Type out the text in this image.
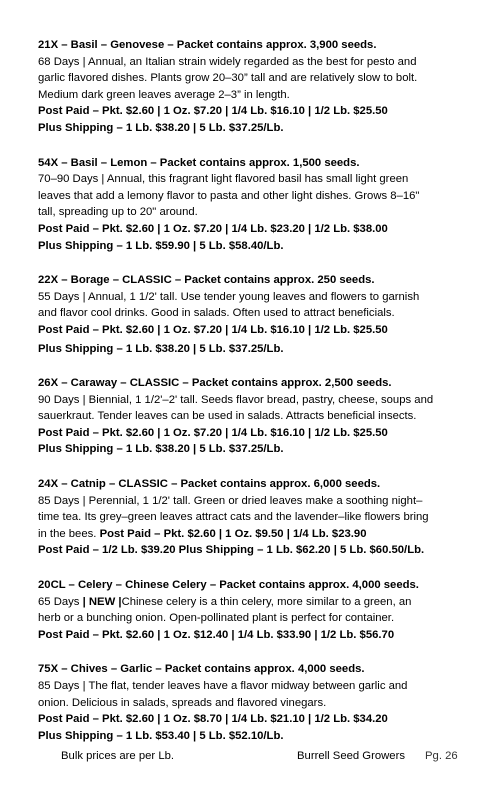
21X – Basil – Genovese – Packet contains approx. 3,900 seeds.
68 Days | Annual, an Italian strain widely regarded as the best for pesto and
garlic flavored dishes. Plants grow 20–30” tall and are relatively slow to bolt.
Medium dark green leaves average 2–3” in length.
Post Paid – Pkt. $2.60 | 1 Oz. $7.20 | 1/4 Lb. $16.10 | 1/2 Lb. $25.50
Plus Shipping – 1 Lb. $38.20 | 5 Lb. $37.25/Lb.
54X – Basil – Lemon – Packet contains approx. 1,500 seeds.
70–90 Days | Annual, this fragrant light flavored basil has small light green
leaves that add a lemony flavor to pasta and other light dishes. Grows 8–16"
tall, spreading up to 20" around.
Post Paid – Pkt. $2.60 | 1 Oz. $7.20 | 1/4 Lb. $23.20 | 1/2 Lb. $38.00
Plus Shipping – 1 Lb. $59.90 | 5 Lb. $58.40/Lb.
22X – Borage – CLASSIC – Packet contains approx. 250 seeds.
55 Days | Annual, 1 1/2' tall. Use tender young leaves and flowers to garnish
and flavor cool drinks. Good in salads. Often used to attract beneficials.
Post Paid – Pkt. $2.60 | 1 Oz. $7.20 | 1/4 Lb. $16.10 | 1/2 Lb. $25.50
Plus Shipping – 1 Lb. $38.20 | 5 Lb. $37.25/Lb.
26X – Caraway – CLASSIC – Packet contains approx. 2,500 seeds.
90 Days | Biennial, 1 1/2'–2' tall. Seeds flavor bread, pastry, cheese, soups and
sauerkraut. Tender leaves can be used in salads. Attracts beneficial insects.
Post Paid – Pkt. $2.60 | 1 Oz. $7.20 | 1/4 Lb. $16.10 | 1/2 Lb. $25.50
Plus Shipping – 1 Lb. $38.20 | 5 Lb. $37.25/Lb.
24X – Catnip – CLASSIC – Packet contains approx. 6,000 seeds.
85 Days | Perennial, 1 1/2' tall. Green or dried leaves make a soothing night–
time tea. Its grey–green leaves attract cats and the lavender–like flowers bring
in the bees. Post Paid – Pkt. $2.60 | 1 Oz. $9.50 | 1/4 Lb. $23.90
Post Paid – 1/2 Lb. $39.20 Plus Shipping – 1 Lb. $62.20 | 5 Lb. $60.50/Lb.
20CL – Celery – Chinese Celery – Packet contains approx. 4,000 seeds.
65 Days | NEW |Chinese celery is a thin celery, more similar to a green, an
herb or a bunching onion. Open-pollinated plant is perfect for container.
Post Paid – Pkt. $2.60 | 1 Oz. $12.40 | 1/4 Lb. $33.90 | 1/2 Lb. $56.70
75X – Chives – Garlic – Packet contains approx. 4,000 seeds.
85 Days | The flat, tender leaves have a flavor midway between garlic and
onion. Delicious in salads, spreads and flavored vinegars.
Post Paid – Pkt. $2.60 | 1 Oz. $8.70 | 1/4 Lb. $21.10 | 1/2 Lb. $34.20
Plus Shipping – 1 Lb. $53.40 | 5 Lb. $52.10/Lb.
Bulk prices are per Lb.	Burrell Seed Growers Pg. 26
